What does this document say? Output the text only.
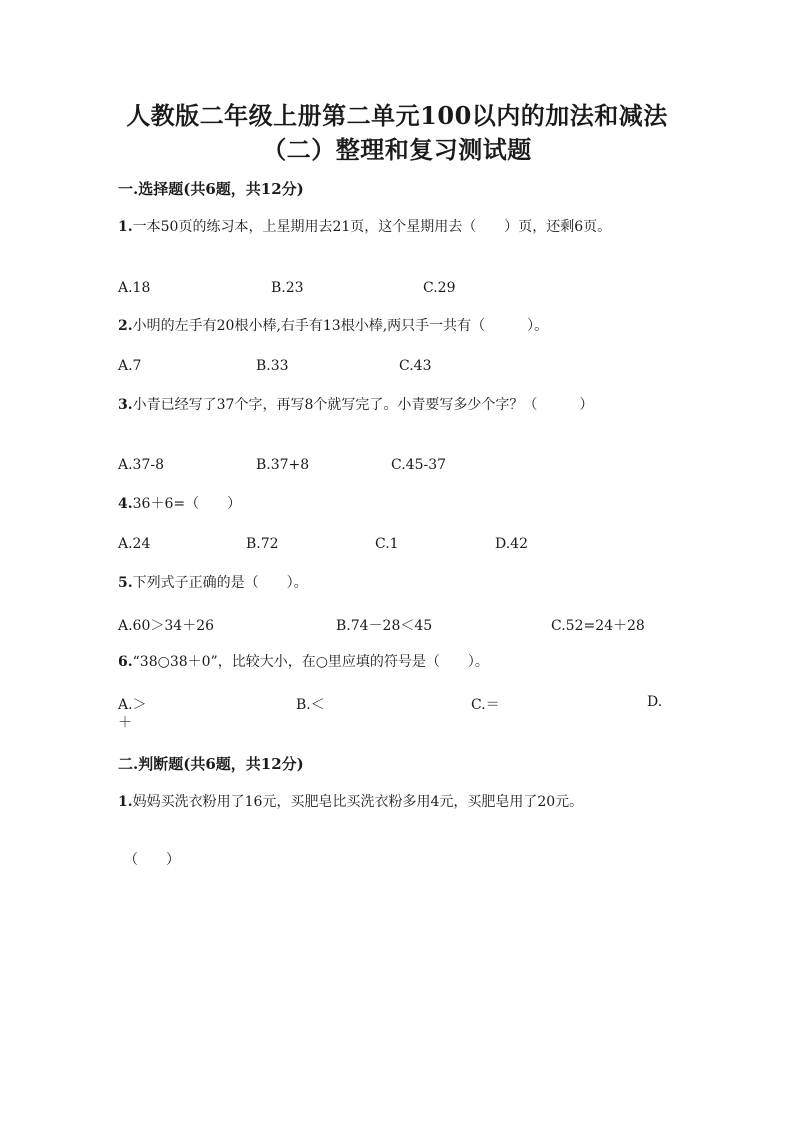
人教版二年级上册第二单元100以内的加法和减法
（二）整理和复习测试题
一.选择题(共6题，共12分)
1.一本50页的练习本，上星期用去21页，这个星期用去（　　）页，还剩6页。
A.18	B.23	C.29
2.小明的左手有20根小棒,右手有13根小棒,两只手一共有（　　　）。
A.7	B.33	C.43
3.小青已经写了37个字，再写8个就写完了。小青要写多少个字？（　　　）
A.37-8	B.37+8	C.45-37
4.36＋6=（　　）
A.24	B.72	C.1	D.42
5.下列式子正确的是（　　）。
A.60＞34＋26	B.74－28＜45	C.52=24＋28
6.“38○38＋0”，比较大小，在○里应填的符号是（　　）。
A.＞	B.＜	C.＝	D.
＋
二.判断题(共6题，共12分)
1.妈妈买洗衣粉用了16元，买肥皂比买洗衣粉多用4元，买肥皂用了20元。
（　　）
